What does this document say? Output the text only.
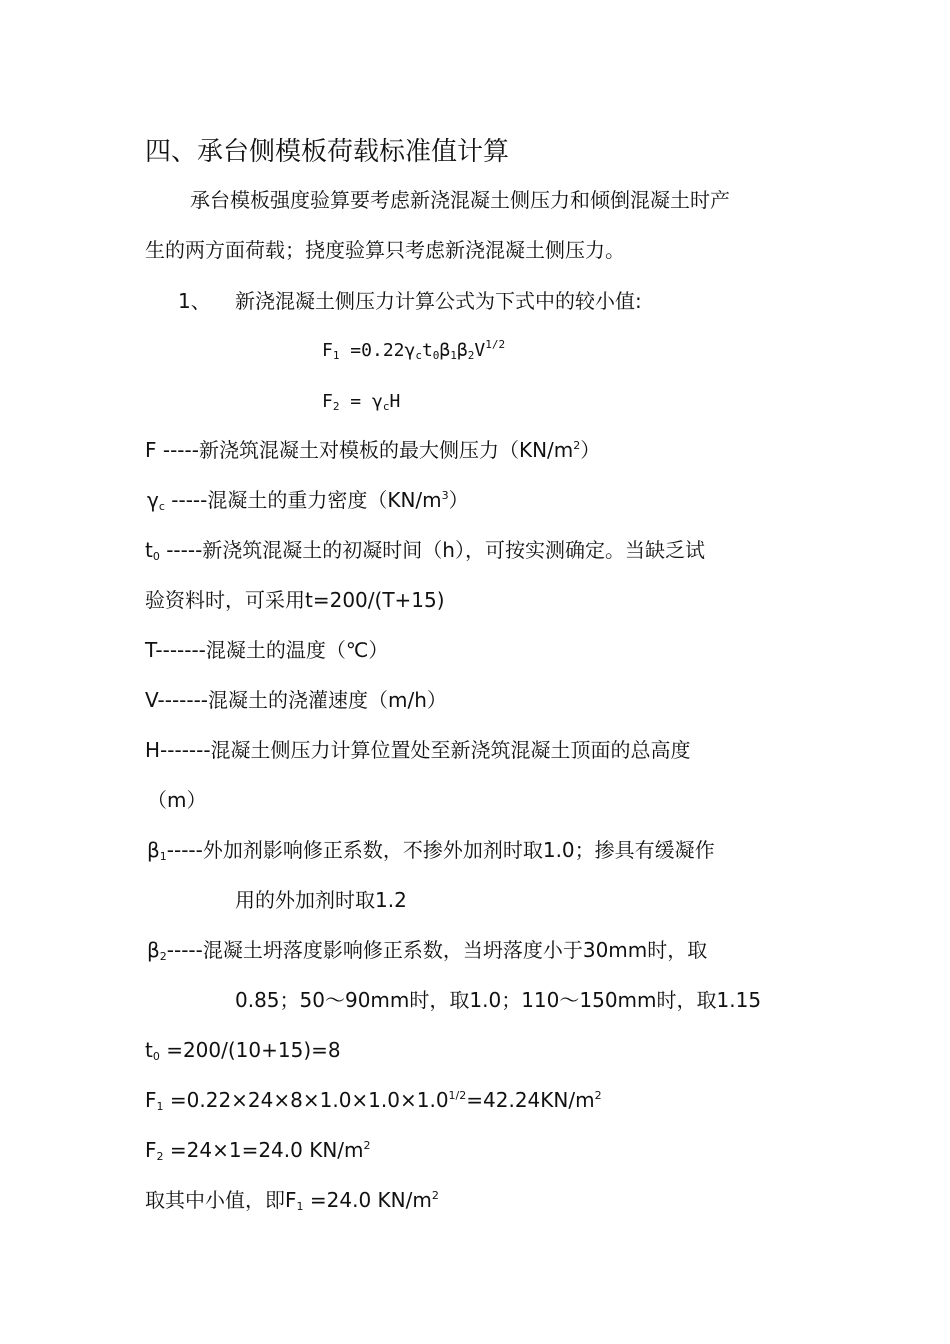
四、承台侧模板荷载标准值计算
承台模板强度验算要考虑新浇混凝土侧压力和倾倒混凝土时产
生的两方面荷载；挠度验算只考虑新浇混凝土侧压力。
1、 新浇混凝土侧压力计算公式为下式中的较小值:
$F_1 =0.22\gamma_ct_0\beta_1\beta_2V^{1/2}$
$F_2 = \gamma_cH$
F -----新浇筑混凝土对模板的最大侧压力$(KN/m^2)$
$\gamma_c$ -----混凝土的重力密度$(KN/m^3)$
$t_0$ -----新浇筑混凝土的初凝时间（h），可按实测确定。当缺乏试
验资料时，可采用t=200/(T+15)
T-------混凝土的温度（℃）
V-------混凝土的浇灌速度（m/h）
H-------混凝土侧压力计算位置处至新浇筑混凝土顶面的总高度
（m）
$\beta_1-----$外加剂影响修正系数，不掺外加剂时取1.0；掺具有缓凝作
用的外加剂时取1.2
$\beta_2-----$混凝土坍落度影响修正系数，当坍落度小于30mm时，取
0.85；50～90mm时，取1.0；110～150mm时，取1.15
$t_0 =200/(10+15)=8$
$F_1 =0.22\times 24\times 8\times 1.0\times 1.0\times 1.0^{1/2}=42.24KN/m^2$
$F_2 =24\times 1=24.0$ $KN/m^2$
取其中小值，即$F_1 =24.0$ $KN/m^2$
